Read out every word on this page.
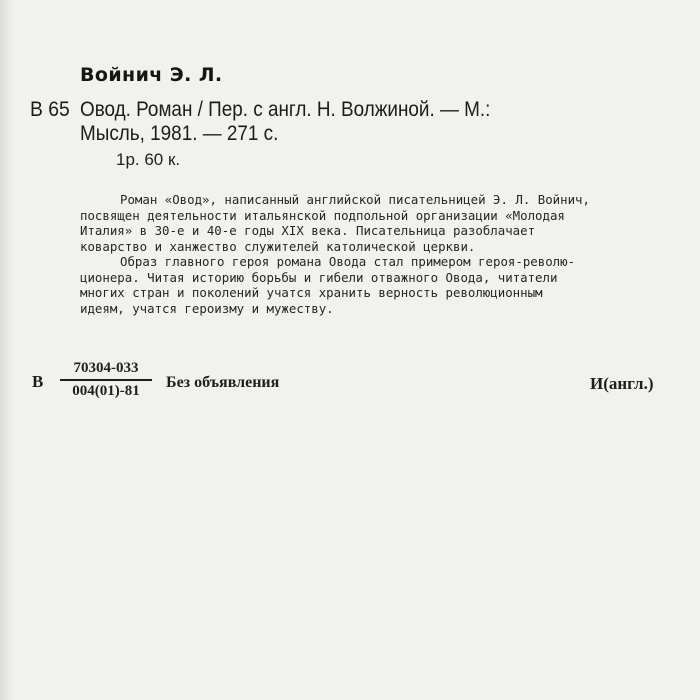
Войнич Э. Л.
В 65 Овод. Роман / Пер. с англ. Н. Волжиной. — М.:
Мысль, 1981. — 271 с.
1р. 60 к.
Роман «Овод», написанный английской писательницей Э. Л. Войнич,
посвящен деятельности итальянской подпольной организации «Молодая
Италия» в 30-е и 40-е годы XIX века. Писательница разоблачает
коварство и ханжество служителей католической церкви.
Образ главного героя романа Овода стал примером героя-револю-
ционера. Читая историю борьбы и гибели отважного Овода, читатели
многих стран и поколений учатся хранить верность революционным
идеям, учатся героизму и мужеству.
В
70304-033
004(01)-81	Без объявления	И(англ.)
